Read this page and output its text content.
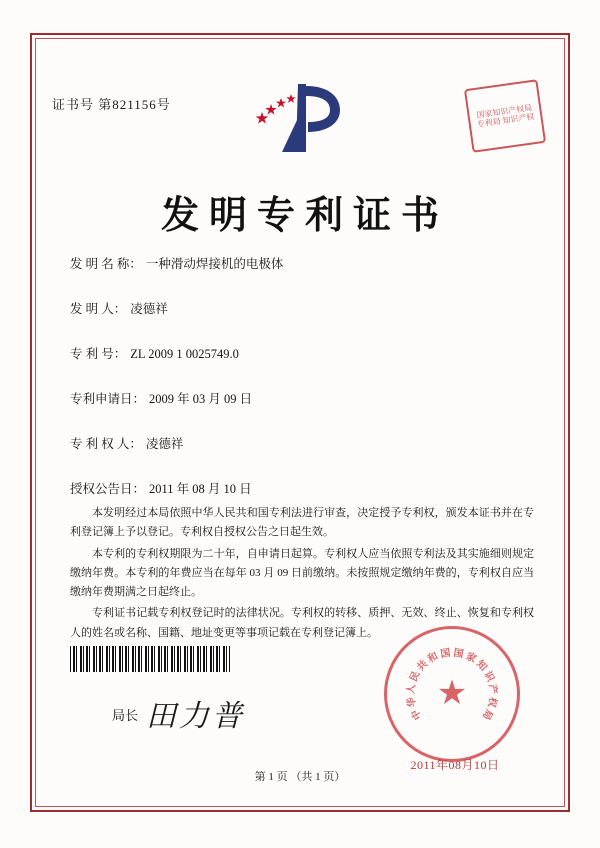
证书号 第821156号	国家知识产权局 专利局 知识产权
发明专利证书
发 明 名 称： 一种滑动焊接机的电极体
发 明 人： 凌德祥
专 利 号： ZL 2009 1 0025749.0
专利申请日： 2009 年 03 月 09 日
专 利 权 人： 凌德祥
授权公告日： 2011 年 08 月 10 日

本发明经过本局依照中华人民共和国专利法进行审查，决定授予专利权，颁发本证书并在专利登记簿上予以登记。专利权自授权公告之日起生效。

本专利的专利权期限为二十年，自申请日起算。专利权人应当依照专利法及其实施细则规定缴纳年费。本专利的年费应当在每年 03 月 09 日前缴纳。未按照规定缴纳年费的，专利权自应当缴纳年费期满之日起终止。

专利证书记载专利权登记时的法律状况。专利权的转移、质押、无效、终止、恢复和专利权人的姓名或名称、国籍、地址变更等事项记载在专利登记簿上。

局长 田力普	中
华
人
民
共
和 国 国 家
知
识
产
权
局
★
2011年08月10日
第 1 页 （共 1 页）
